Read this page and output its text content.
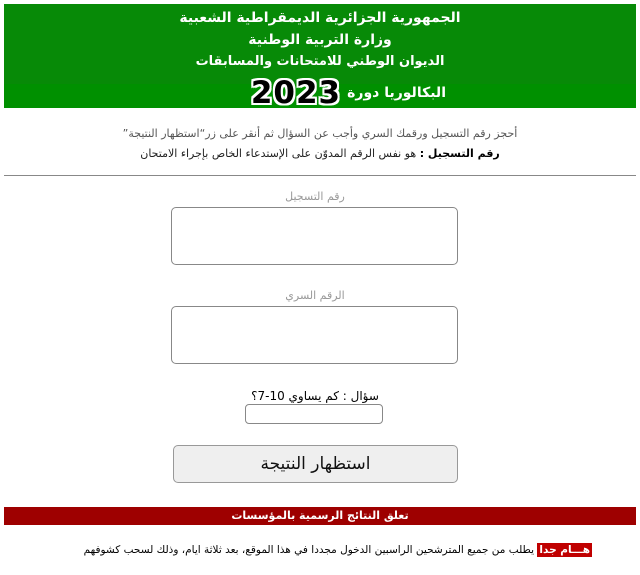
الجمهورية الجزائرية الديمقراطية الشعبية
وزارة التربية الوطنية
الديوان الوطني للامتحانات والمسابقات
البكالوريا دورة
2023
أحجز رقم التسجيل ورقمك السري وأجب عن السؤال ثم أنقر على زر“استظهار النتيجة”
رقم التسجيل : هو نفس الرقم المدوّن على الإستدعاء الخاص بإجراء الامتحان
رقم التسجيل
الرقم السري
سؤال : كم يساوي 10-7؟
استظهار النتيجة
تعلق النتائج الرسمية بالمؤسسات
هـــام جدا يطلب من جميع المترشحين الراسبين الدخول مجددا في هذا الموقع، بعد ثلاثة ايام، وذلك لسحب كشوفهم
